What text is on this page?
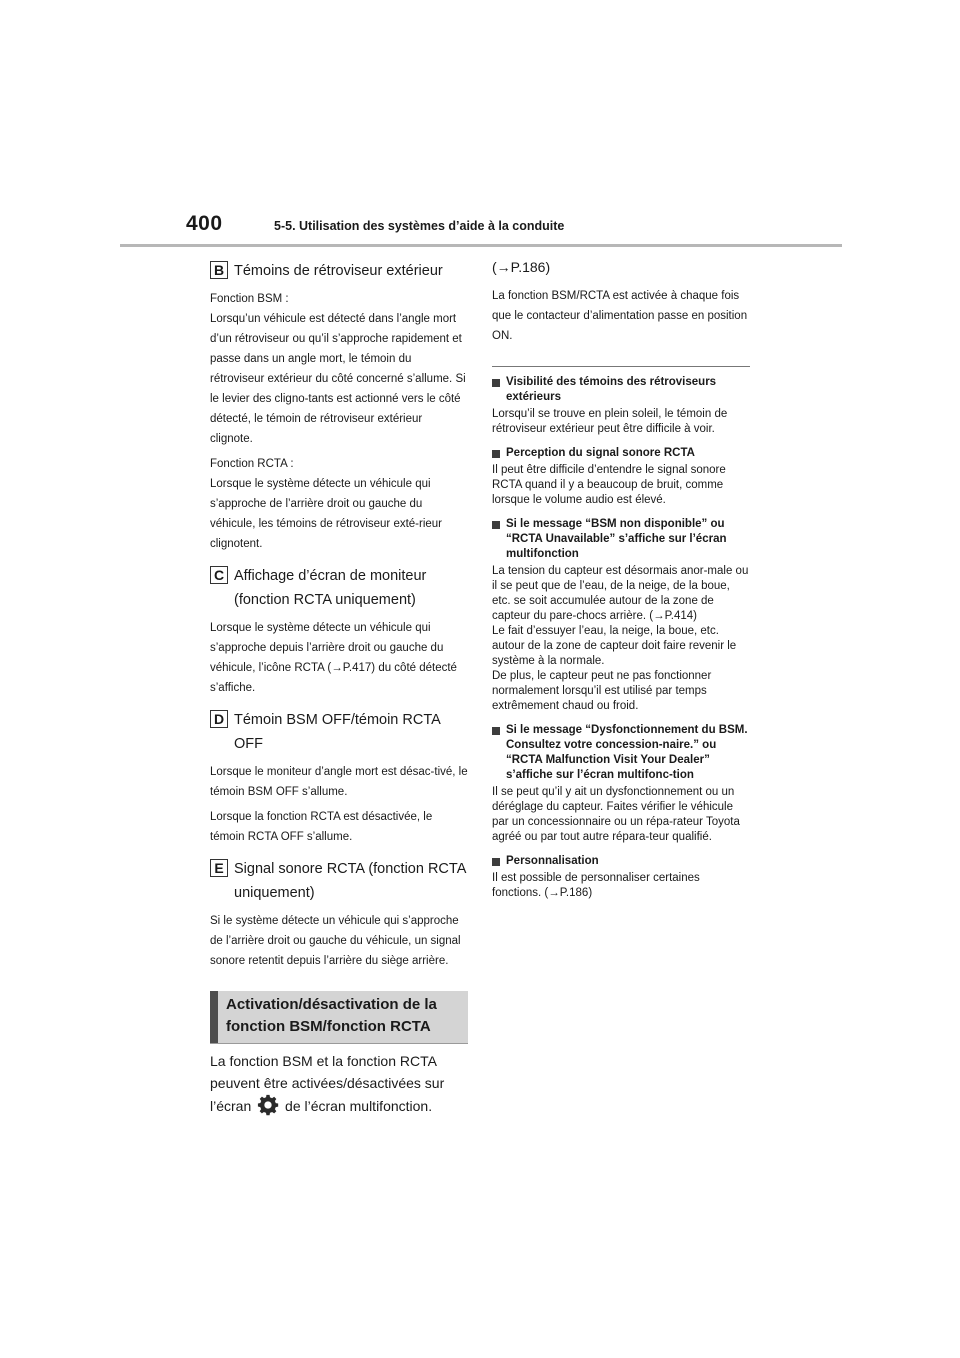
400	5-5. Utilisation des systèmes d’aide à la conduite
B Témoins de rétroviseur extérieur

Fonction BSM :
Lorsqu’un véhicule est détecté dans l’angle mort d’un rétroviseur ou qu’il s’approche rapidement et passe dans un angle mort, le témoin du rétroviseur extérieur du côté concerné s’allume. Si le levier des cligno-tants est actionné vers le côté détecté, le témoin de rétroviseur extérieur clignote.

Fonction RCTA :
Lorsque le système détecte un véhicule qui s’approche de l’arrière droit ou gauche du véhicule, les témoins de rétroviseur exté-rieur clignotent.

C Affichage d’écran de moniteur (fonction RCTA uniquement)

Lorsque le système détecte un véhicule qui s’approche depuis l’arrière droit ou gauche du véhicule, l’icône RCTA (→P.417) du côté détecté s’affiche.

D Témoin BSM OFF/témoin RCTA OFF

Lorsque le moniteur d’angle mort est désac-tivé, le témoin BSM OFF s’allume.

Lorsque la fonction RCTA est désactivée, le témoin RCTA OFF s’allume.

E Signal sonore RCTA (fonction RCTA uniquement)

Si le système détecte un véhicule qui s’approche de l’arrière droit ou gauche du véhicule, un signal sonore retentit depuis l’arrière du siège arrière.

Activation/désactivation de la fonction BSM/fonction RCTA

La fonction BSM et la fonction RCTA peuvent être activées/désactivées sur l’écran de l’écran multifonction.

(→P.186)

La fonction BSM/RCTA est activée à chaque fois que le contacteur d’alimentation passe en position ON.

Visibilité des témoins des rétroviseurs extérieurs

Lorsqu’il se trouve en plein soleil, le témoin de rétroviseur extérieur peut être difficile à voir.

Perception du signal sonore RCTA

Il peut être difficile d’entendre le signal sonore RCTA quand il y a beaucoup de bruit, comme lorsque le volume audio est élevé.

Si le message “BSM non disponible” ou “RCTA Unavailable” s’affiche sur l’écran multifonction

La tension du capteur est désormais anor-male ou il se peut que de l’eau, de la neige, de la boue, etc. se soit accumulée autour de la zone de capteur du pare-chocs arrière. (→P.414)
Le fait d’essuyer l’eau, la neige, la boue, etc. autour de la zone de capteur doit faire revenir le système à la normale.
De plus, le capteur peut ne pas fonctionner normalement lorsqu’il est utilisé par temps extrêmement chaud ou froid.

Si le message “Dysfonctionnement du BSM. Consultez votre concession-naire.” ou “RCTA Malfunction Visit Your Dealer” s’affiche sur l’écran multifonc-tion

Il se peut qu’il y ait un dysfonctionnement ou un déréglage du capteur. Faites vérifier le véhicule par un concessionnaire ou un répa-rateur Toyota agréé ou par tout autre répara-teur qualifié.

Personnalisation

Il est possible de personnaliser certaines fonctions. (→P.186)
